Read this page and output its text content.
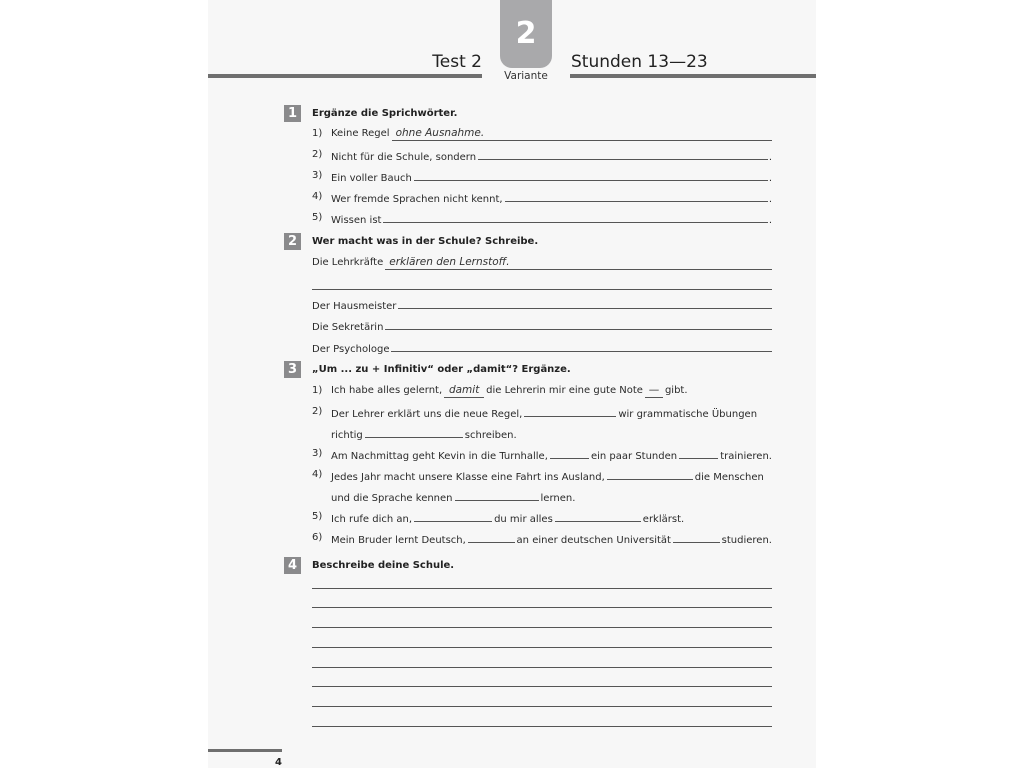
2
Variante
Test 2	Stunden 13—23
1	Ergänze die Sprichwörter.
1) Keine Regel ohne Ausnahme.
2) Nicht für die Schule, sondern	.
3) Ein voller Bauch	.
4) Wer fremde Sprachen nicht kennt,	.
5) Wissen ist	.
2	Wer macht was in der Schule? Schreibe.
Die Lehrkräfte erklären den Lernstoff.
Der Hausmeister
Die Sekretärin
Der Psychologe
3	„Um ... zu + Infinitiv“ oder „damit“? Ergänze.
1) Ich habe alles gelernt, damit die Lehrerin mir eine gute Note — gibt.
2) Der Lehrer erklärt uns die neue Regel,	wir grammatische Übungen
richtig	schreiben.
3) Am Nachmittag geht Kevin in die Turnhalle,	ein paar Stunden	trainieren.
4) Jedes Jahr macht unsere Klasse eine Fahrt ins Ausland,	die Menschen
und die Sprache kennen	lernen.
5) Ich rufe dich an,	du mir alles	erklärst.
6) Mein Bruder lernt Deutsch,	an einer deutschen Universität	studieren.
4	Beschreibe deine Schule.
4
